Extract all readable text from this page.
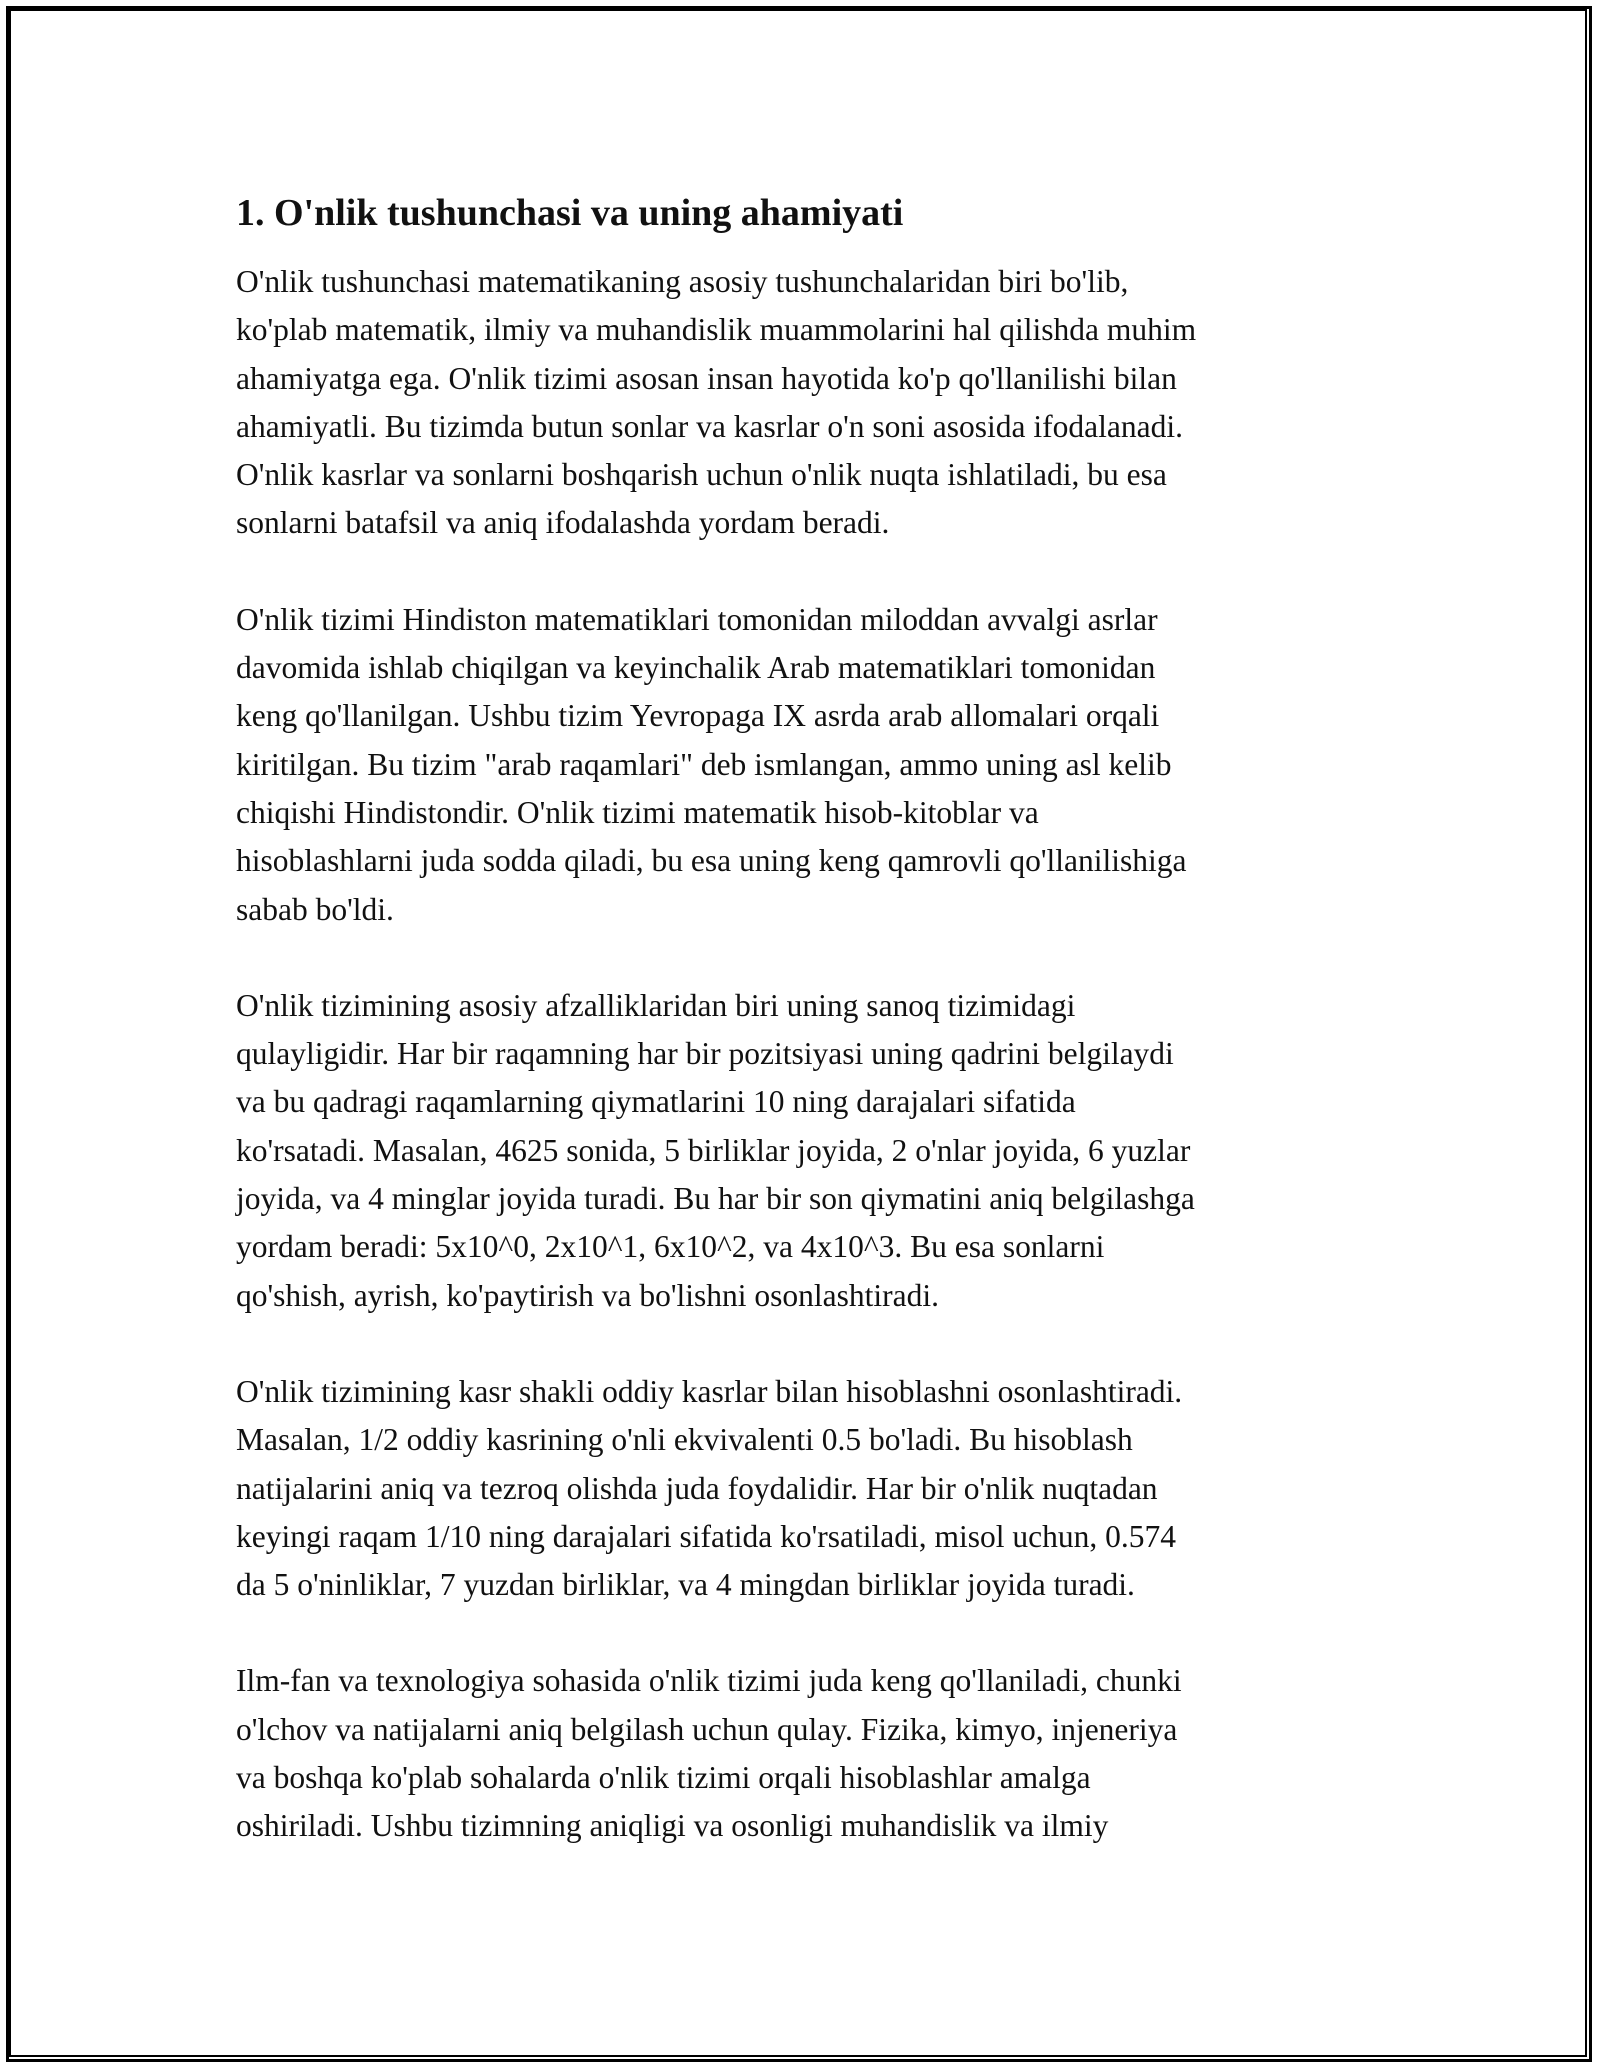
1. O'nlik tushunchasi va uning ahamiyati
O'nlik tushunchasi matematikaning asosiy tushunchalaridan biri bo'lib,
ko'plab matematik, ilmiy va muhandislik muammolarini hal qilishda muhim
ahamiyatga ega. O'nlik tizimi asosan insan hayotida ko'p qo'llanilishi bilan
ahamiyatli. Bu tizimda butun sonlar va kasrlar o'n soni asosida ifodalanadi.
O'nlik kasrlar va sonlarni boshqarish uchun o'nlik nuqta ishlatiladi, bu esa
sonlarni batafsil va aniq ifodalashda yordam beradi.
O'nlik tizimi Hindiston matematiklari tomonidan miloddan avvalgi asrlar
davomida ishlab chiqilgan va keyinchalik Arab matematiklari tomonidan
keng qo'llanilgan. Ushbu tizim Yevropaga IX asrda arab allomalari orqali
kiritilgan. Bu tizim "arab raqamlari" deb ismlangan, ammo uning asl kelib
chiqishi Hindistondir. O'nlik tizimi matematik hisob-kitoblar va
hisoblashlarni juda sodda qiladi, bu esa uning keng qamrovli qo'llanilishiga
sabab bo'ldi.
O'nlik tizimining asosiy afzalliklaridan biri uning sanoq tizimidagi
qulayligidir. Har bir raqamning har bir pozitsiyasi uning qadrini belgilaydi
va bu qadragi raqamlarning qiymatlarini 10 ning darajalari sifatida
ko'rsatadi. Masalan, 4625 sonida, 5 birliklar joyida, 2 o'nlar joyida, 6 yuzlar
joyida, va 4 minglar joyida turadi. Bu har bir son qiymatini aniq belgilashga
yordam beradi: 5x10^0, 2x10^1, 6x10^2, va 4x10^3. Bu esa sonlarni
qo'shish, ayrish, ko'paytirish va bo'lishni osonlashtiradi.
O'nlik tizimining kasr shakli oddiy kasrlar bilan hisoblashni osonlashtiradi.
Masalan, 1/2 oddiy kasrining o'nli ekvivalenti 0.5 bo'ladi. Bu hisoblash
natijalarini aniq va tezroq olishda juda foydalidir. Har bir o'nlik nuqtadan
keyingi raqam 1/10 ning darajalari sifatida ko'rsatiladi, misol uchun, 0.574
da 5 o'ninliklar, 7 yuzdan birliklar, va 4 mingdan birliklar joyida turadi.
Ilm-fan va texnologiya sohasida o'nlik tizimi juda keng qo'llaniladi, chunki
o'lchov va natijalarni aniq belgilash uchun qulay. Fizika, kimyo, injeneriya
va boshqa ko'plab sohalarda o'nlik tizimi orqali hisoblashlar amalga
oshiriladi. Ushbu tizimning aniqligi va osonligi muhandislik va ilmiy
